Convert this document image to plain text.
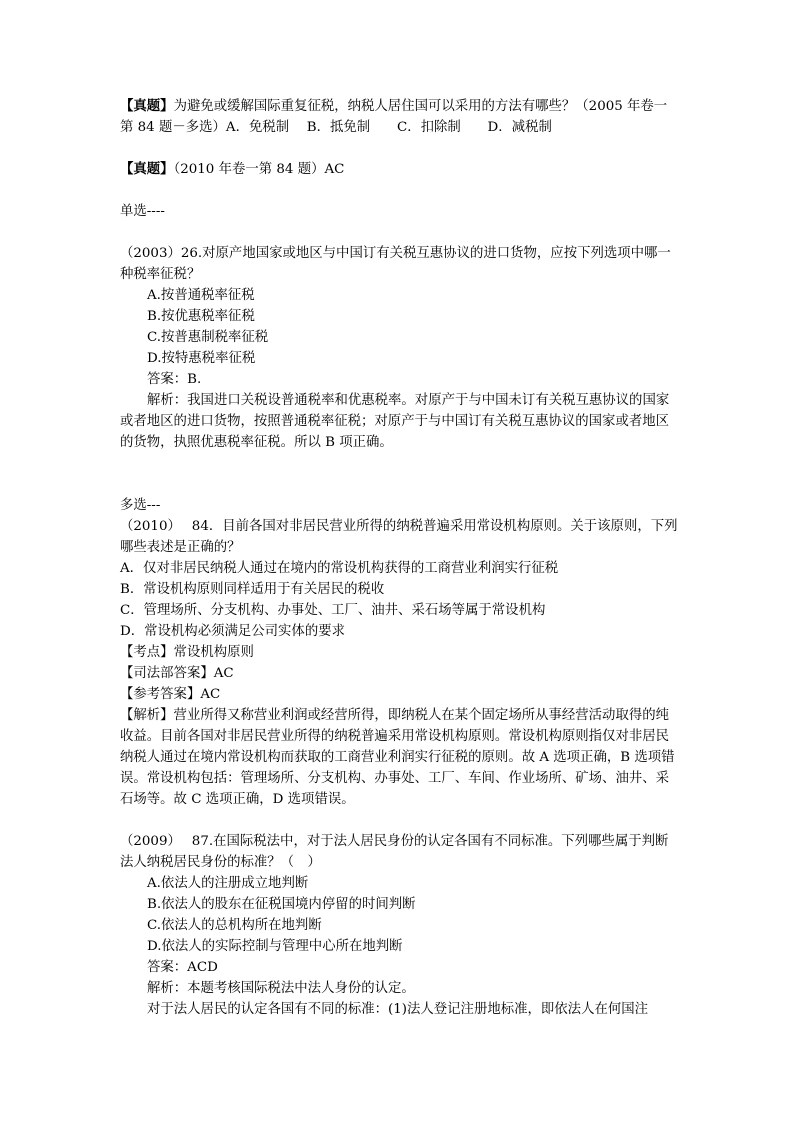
【真题】为避免或缓解国际重复征税，纳税人居住国可以采用的方法有哪些？（2005 年卷一第 84 题－多选）A．免税制　 B．抵免制　　C．扣除制　　D．减税制

【真题】（2010 年卷一第 84 题）AC

单选----

（2003）26.对原产地国家或地区与中国订有关税互惠协议的进口货物，应按下列选项中哪一种税率征税？

A.按普通税率征税

B.按优惠税率征税

C.按普惠制税率征税

D.按特惠税率征税

答案：B.

解析：我国进口关税设普通税率和优惠税率。对原产于与中国未订有关税互惠协议的国家或者地区的进口货物，按照普通税率征税；对原产于与中国订有关税互惠协议的国家或者地区的货物，执照优惠税率征税。所以 B 项正确。

多选---

（2010）　 84．目前各国对非居民营业所得的纳税普遍采用常设机构原则。关于该原则，下列哪些表述是正确的？

A．仅对非居民纳税人通过在境内的常设机构获得的工商营业利润实行征税

B．常设机构原则同样适用于有关居民的税收

C．管理场所、分支机构、办事处、工厂、油井、采石场等属于常设机构

D．常设机构必须满足公司实体的要求

【考点】常设机构原则

【司法部答案】AC

【参考答案】AC

【解析】营业所得又称营业利润或经营所得，即纳税人在某个固定场所从事经营活动取得的纯收益。目前各国对非居民营业所得的纳税普遍采用常设机构原则。常设机构原则指仅对非居民纳税人通过在境内常设机构而获取的工商营业利润实行征税的原则。故 A 选项正确，B 选项错误。常设机构包括：管理场所、分支机构、办事处、工厂、车间、作业场所、矿场、油井、采石场等。故 C 选项正确，D 选项错误。

（2009）　 87.在国际税法中，对于法人居民身份的认定各国有不同标准。下列哪些属于判断法人纳税居民身份的标准？（　）

A.依法人的注册成立地判断

B.依法人的股东在征税国境内停留的时间判断

C.依法人的总机构所在地判断

D.依法人的实际控制与管理中心所在地判断

答案：ACD

解析：本题考核国际税法中法人身份的认定。

对于法人居民的认定各国有不同的标准：(1)法人登记注册地标准，即依法人在何国注
